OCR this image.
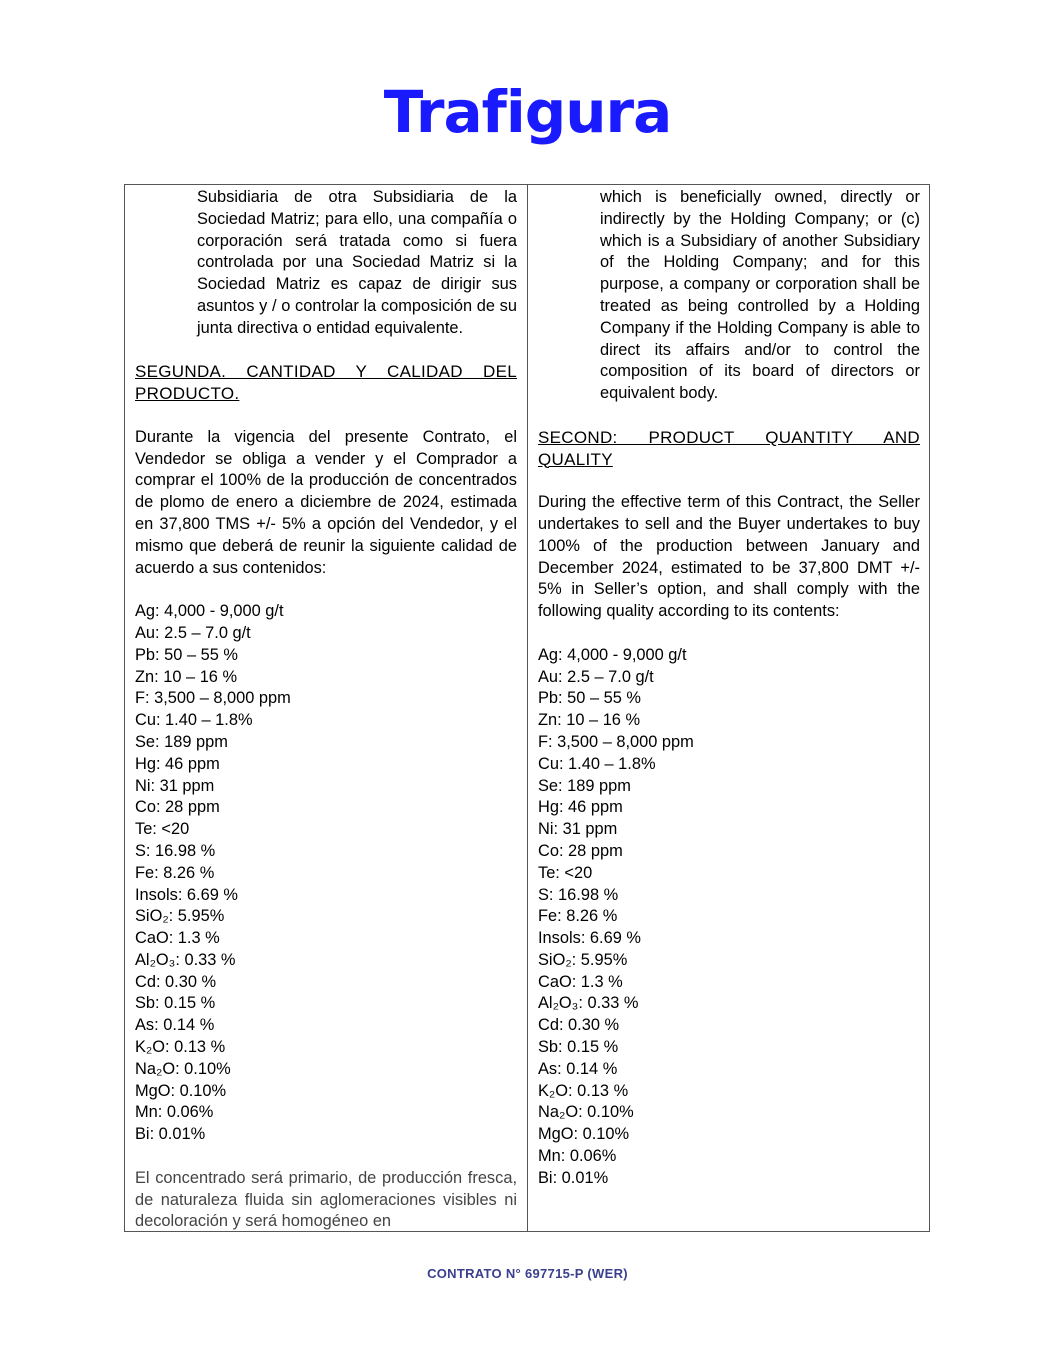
Trafigura

Subsidiaria de otra Subsidiaria de la Sociedad Matriz; para ello, una compañía o corporación será tratada como si fuera controlada por una Sociedad Matriz si la Sociedad Matriz es capaz de dirigir sus asuntos y / o controlar la composición de su junta directiva o entidad equivalente.

SEGUNDA. CANTIDAD Y CALIDAD DEL PRODUCTO.

Durante la vigencia del presente Contrato, el Vendedor se obliga a vender y el Comprador a comprar el 100% de la producción de concentrados de plomo de enero a diciembre de 2024, estimada en 37,800 TMS +/- 5% a opción del Vendedor, y el mismo que deberá de reunir la siguiente calidad de acuerdo a sus contenidos:

Ag: 4,000 - 9,000 g/t

Au: 2.5 – 7.0 g/t

Pb: 50 – 55 %

Zn: 10 – 16 %

F: 3,500 – 8,000 ppm

Cu: 1.40 – 1.8%

Se: 189 ppm

Hg: 46 ppm

Ni: 31 ppm

Co: 28 ppm

Te: <20

S: 16.98 %

Fe: 8.26 %

Insols: 6.69 %

SiO₂: 5.95%

CaO: 1.3 %

Al₂O₃: 0.33 %

Cd: 0.30 %

Sb: 0.15 %

As: 0.14 %

K₂O: 0.13 %

Na₂O: 0.10%

MgO: 0.10%

Mn: 0.06%

Bi: 0.01%

El concentrado será primario, de producción fresca, de naturaleza fluida sin aglomeraciones visibles ni decoloración y será homogéneo en

which is beneficially owned, directly or indirectly by the Holding Company; or (c) which is a Subsidiary of another Subsidiary of the Holding Company; and for this purpose, a company or corporation shall be treated as being controlled by a Holding Company if the Holding Company is able to direct its affairs and/or to control the composition of its board of directors or equivalent body.

SECOND: PRODUCT QUANTITY AND QUALITY

During the effective term of this Contract, the Seller undertakes to sell and the Buyer undertakes to buy 100% of the production between January and December 2024, estimated to be 37,800 DMT +/- 5% in Seller’s option, and shall comply with the following quality according to its contents:

Ag: 4,000 - 9,000 g/t

Au: 2.5 – 7.0 g/t

Pb: 50 – 55 %

Zn: 10 – 16 %

F: 3,500 – 8,000 ppm

Cu: 1.40 – 1.8%

Se: 189 ppm

Hg: 46 ppm

Ni: 31 ppm

Co: 28 ppm

Te: <20

S: 16.98 %

Fe: 8.26 %

Insols: 6.69 %

SiO₂: 5.95%

CaO: 1.3 %

Al₂O₃: 0.33 %

Cd: 0.30 %

Sb: 0.15 %

As: 0.14 %

K₂O: 0.13 %

Na₂O: 0.10%

MgO: 0.10%

Mn: 0.06%

Bi: 0.01%

CONTRATO N° 697715-P (WER)
